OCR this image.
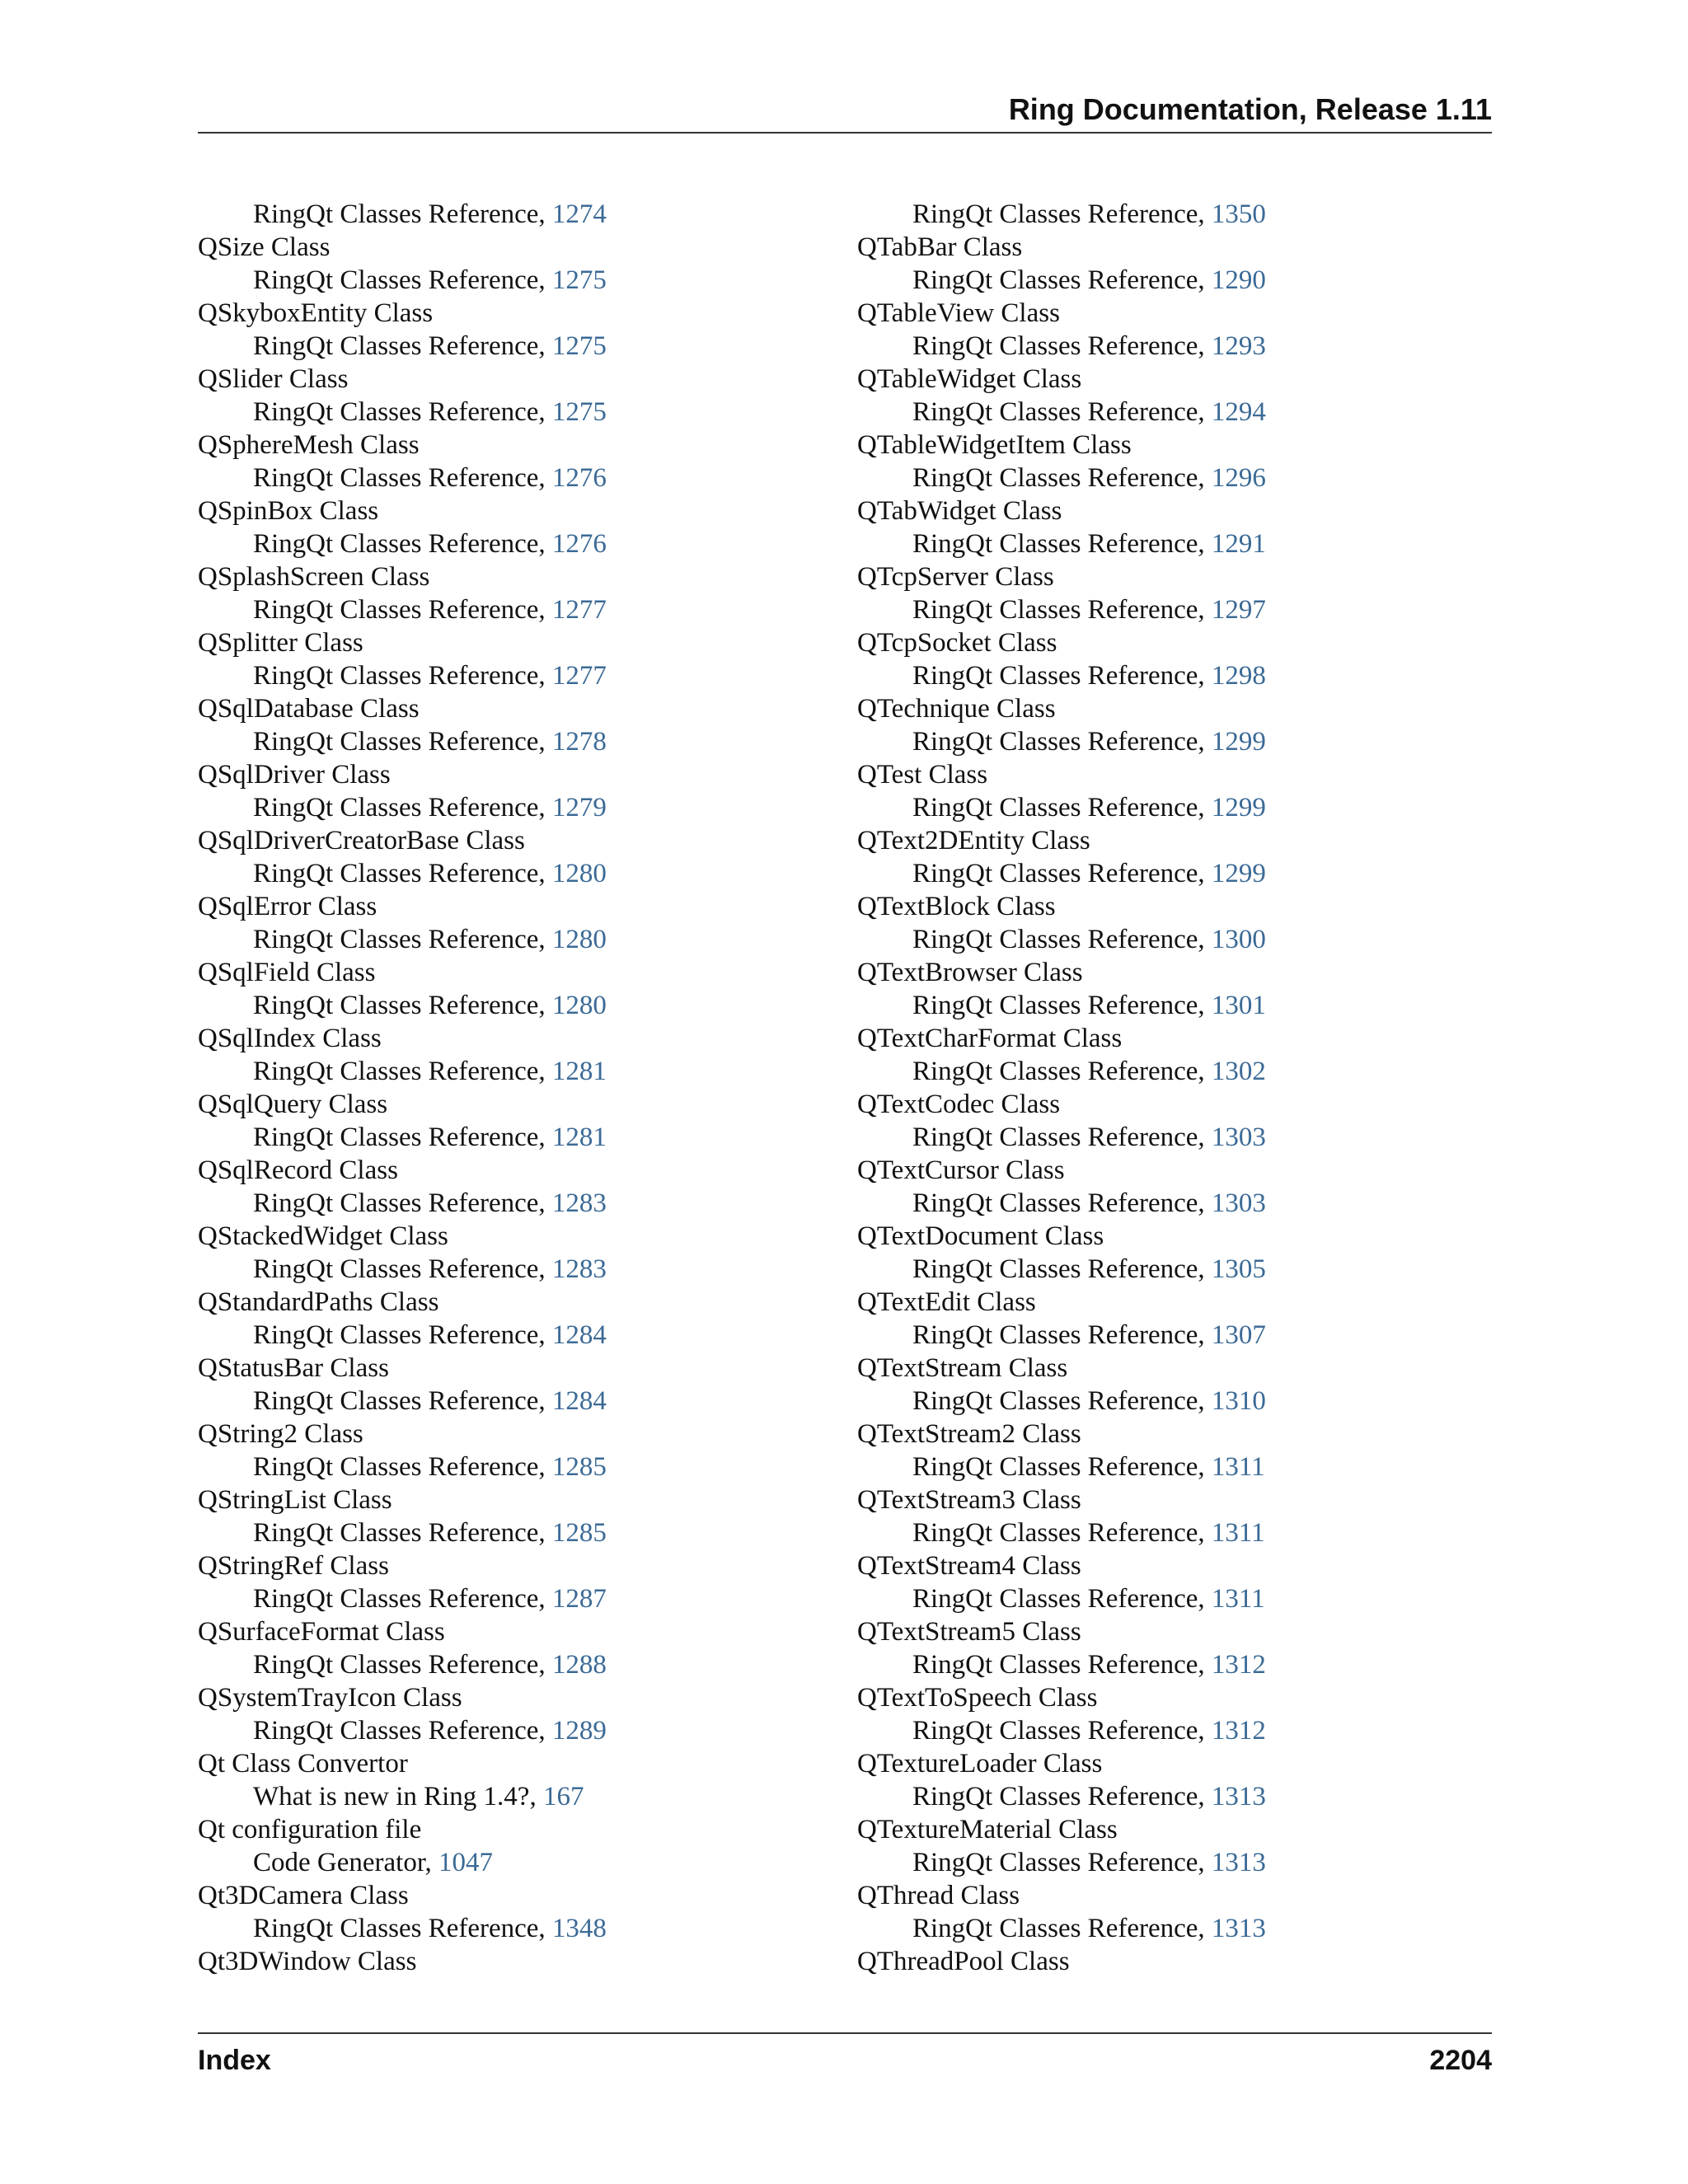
Ring Documentation, Release 1.11
RingQt Classes Reference, 1274
QSize Class
RingQt Classes Reference, 1275
QSkyboxEntity Class
RingQt Classes Reference, 1275
QSlider Class
RingQt Classes Reference, 1275
QSphereMesh Class
RingQt Classes Reference, 1276
QSpinBox Class
RingQt Classes Reference, 1276
QSplashScreen Class
RingQt Classes Reference, 1277
QSplitter Class
RingQt Classes Reference, 1277
QSqlDatabase Class
RingQt Classes Reference, 1278
QSqlDriver Class
RingQt Classes Reference, 1279
QSqlDriverCreatorBase Class
RingQt Classes Reference, 1280
QSqlError Class
RingQt Classes Reference, 1280
QSqlField Class
RingQt Classes Reference, 1280
QSqlIndex Class
RingQt Classes Reference, 1281
QSqlQuery Class
RingQt Classes Reference, 1281
QSqlRecord Class
RingQt Classes Reference, 1283
QStackedWidget Class
RingQt Classes Reference, 1283
QStandardPaths Class
RingQt Classes Reference, 1284
QStatusBar Class
RingQt Classes Reference, 1284
QString2 Class
RingQt Classes Reference, 1285
QStringList Class
RingQt Classes Reference, 1285
QStringRef Class
RingQt Classes Reference, 1287
QSurfaceFormat Class
RingQt Classes Reference, 1288
QSystemTrayIcon Class
RingQt Classes Reference, 1289
Qt Class Convertor
What is new in Ring 1.4?, 167
Qt configuration file
Code Generator, 1047
Qt3DCamera Class
RingQt Classes Reference, 1348
Qt3DWindow Class
RingQt Classes Reference, 1350
QTabBar Class
RingQt Classes Reference, 1290
QTableView Class
RingQt Classes Reference, 1293
QTableWidget Class
RingQt Classes Reference, 1294
QTableWidgetItem Class
RingQt Classes Reference, 1296
QTabWidget Class
RingQt Classes Reference, 1291
QTcpServer Class
RingQt Classes Reference, 1297
QTcpSocket Class
RingQt Classes Reference, 1298
QTechnique Class
RingQt Classes Reference, 1299
QTest Class
RingQt Classes Reference, 1299
QText2DEntity Class
RingQt Classes Reference, 1299
QTextBlock Class
RingQt Classes Reference, 1300
QTextBrowser Class
RingQt Classes Reference, 1301
QTextCharFormat Class
RingQt Classes Reference, 1302
QTextCodec Class
RingQt Classes Reference, 1303
QTextCursor Class
RingQt Classes Reference, 1303
QTextDocument Class
RingQt Classes Reference, 1305
QTextEdit Class
RingQt Classes Reference, 1307
QTextStream Class
RingQt Classes Reference, 1310
QTextStream2 Class
RingQt Classes Reference, 1311
QTextStream3 Class
RingQt Classes Reference, 1311
QTextStream4 Class
RingQt Classes Reference, 1311
QTextStream5 Class
RingQt Classes Reference, 1312
QTextToSpeech Class
RingQt Classes Reference, 1312
QTextureLoader Class
RingQt Classes Reference, 1313
QTextureMaterial Class
RingQt Classes Reference, 1313
QThread Class
RingQt Classes Reference, 1313
QThreadPool Class
Index	2204
